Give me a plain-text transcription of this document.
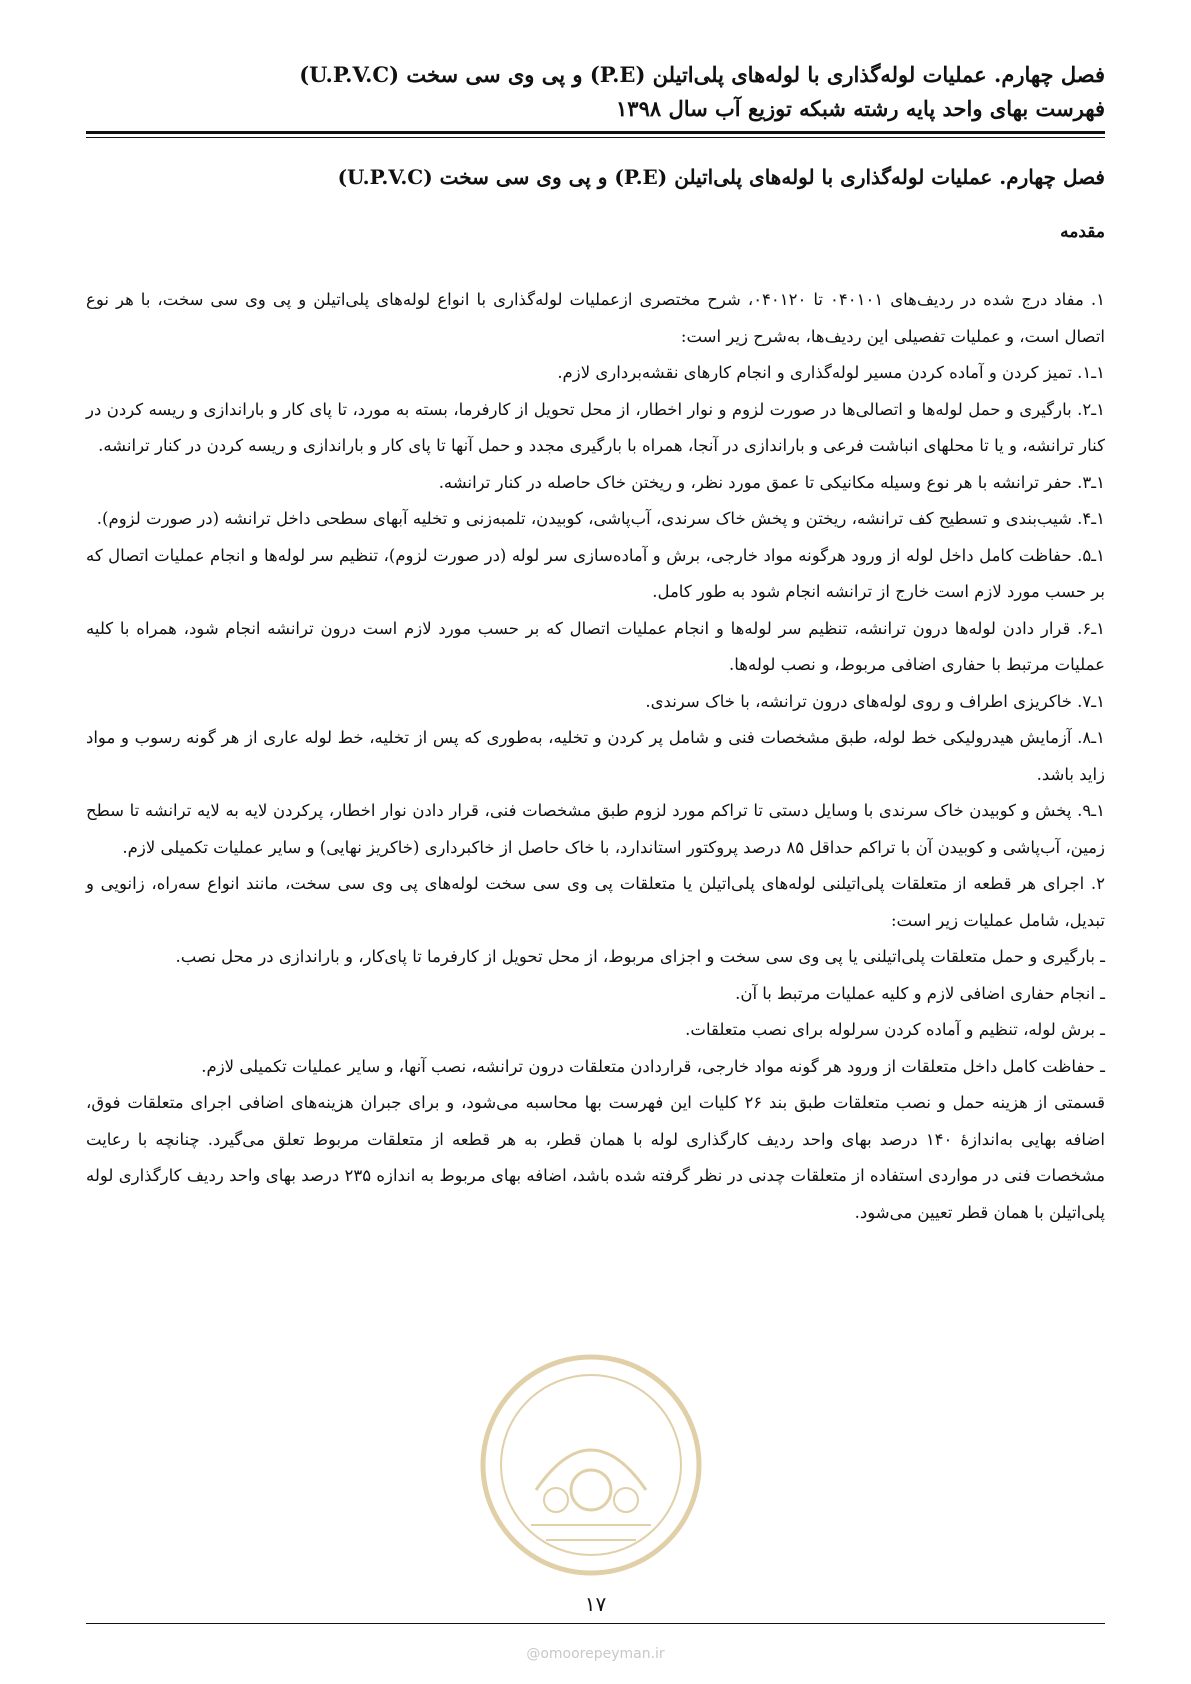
فصل چهارم. عملیات لوله‌گذاری با لوله‌های پلی‌اتیلن (P.E) و پی وی سی سخت (U.P.V.C)
فهرست بهای واحد پایه رشته شبکه توزیع آب سال ۱۳۹۸
فصل چهارم. عملیات لوله‌گذاری با لوله‌های پلی‌اتیلن (P.E) و پی وی سی سخت (U.P.V.C)
مقدمه

۱. مفاد درج شده در ردیف‌های ۰۴۰۱۰۱ تا ۰۴۰۱۲۰، شرح مختصری ازعملیات لوله‌گذاری با انواع لوله‌های پلی‌اتیلن و پی وی سی سخت، با هر نوع اتصال است، و عملیات تفصیلی این ردیف‌ها، به‌شرح زیر است:

۱ـ۱. تمیز کردن و آماده کردن مسیر لوله‌گذاری و انجام کارهای نقشه‌برداری لازم.

۱ـ۲. بارگیری و حمل لوله‌ها و اتصالی‌ها در صورت لزوم و نوار اخطار، از محل تحویل از کارفرما، بسته به مورد، تا پای کار و باراندازی و ریسه کردن در کنار ترانشه، و یا تا محلهای انباشت فرعی و باراندازی در آنجا، همراه با بارگیری مجدد و حمل آنها تا پای کار و باراندازی و ریسه کردن در کنار ترانشه.

۱ـ۳. حفر ترانشه با هر نوع وسیله مکانیکی تا عمق مورد نظر، و ریختن خاک حاصله در کنار ترانشه.

۱ـ۴. شیب‌بندی و تسطیح کف ترانشه، ریختن و پخش خاک سرندی، آب‌پاشی، کوبیدن، تلمبه‌زنی و تخلیه آبهای سطحی داخل ترانشه (در صورت لزوم).

۱ـ۵. حفاظت کامل داخل لوله از ورود هرگونه مواد خارجی، برش و آماده‌سازی سر لوله (در صورت لزوم)، تنظیم سر لوله‌ها و انجام عملیات اتصال که بر حسب مورد لازم است خارج از ترانشه انجام شود به طور کامل.

۱ـ۶. قرار دادن لوله‌ها درون ترانشه، تنظیم سر لوله‌ها و انجام عملیات اتصال که بر حسب مورد لازم است درون ترانشه انجام شود، همراه با کلیه عملیات مرتبط با حفاری اضافی مربوط، و نصب لوله‌ها.

۱ـ۷. خاکریزی اطراف و روی لوله‌های درون ترانشه، با خاک سرندی.

۱ـ۸. آزمایش هیدرولیکی خط لوله، طبق مشخصات فنی و شامل پر کردن و تخلیه، به‌طوری که پس از تخلیه، خط لوله عاری از هر گونه رسوب و مواد زاید باشد.

۱ـ۹. پخش و کوبیدن خاک سرندی با وسایل دستی تا تراکم مورد لزوم طبق مشخصات فنی، قرار دادن نوار اخطار، پرکردن لایه به لایه ترانشه تا سطح زمین، آب‌پاشی و کوبیدن آن با تراکم حداقل ۸۵ درصد پروکتور استاندارد، با خاک حاصل از خاکبرداری (خاکریز نهایی) و سایر عملیات تکمیلی لازم.

۲. اجرای هر قطعه از متعلقات پلی‌اتیلنی لوله‌های پلی‌اتیلن یا متعلقات پی وی سی سخت لوله‌های پی وی سی سخت، مانند انواع سه‌راه، زانویی و تبدیل، شامل عملیات زیر است:

ـ بارگیری و حمل متعلقات پلی‌اتیلنی یا پی وی سی سخت و اجزای مربوط، از محل تحویل از کارفرما تا پای‌کار، و باراندازی در محل نصب.

ـ انجام حفاری اضافی لازم و کلیه عملیات مرتبط با آن.

ـ برش لوله، تنظیم و آماده کردن سرلوله برای نصب متعلقات.

ـ حفاظت کامل داخل متعلقات از ورود هر گونه مواد خارجی، قراردادن متعلقات درون ترانشه، نصب آنها، و سایر عملیات تکمیلی لازم.

قسمتی از هزینه حمل و نصب متعلقات طبق بند ۲۶ کلیات این فهرست بها محاسبه می‌شود، و برای جبران هزینه‌های اضافی اجرای متعلقات فوق، اضافه بهایی به‌اندازهٔ ۱۴۰ درصد بهای واحد ردیف کارگذاری لوله با همان قطر، به هر قطعه از متعلقات مربوط تعلق می‌گیرد. چنانچه با رعایت مشخصات فنی در مواردی استفاده از متعلقات چدنی در نظر گرفته شده باشد، اضافه بهای مربوط به اندازه ۲۳۵ درصد بهای واحد ردیف کارگذاری لوله پلی‌اتیلن با همان قطر تعیین می‌شود.

۱۷
@omoorepeyman.ir
